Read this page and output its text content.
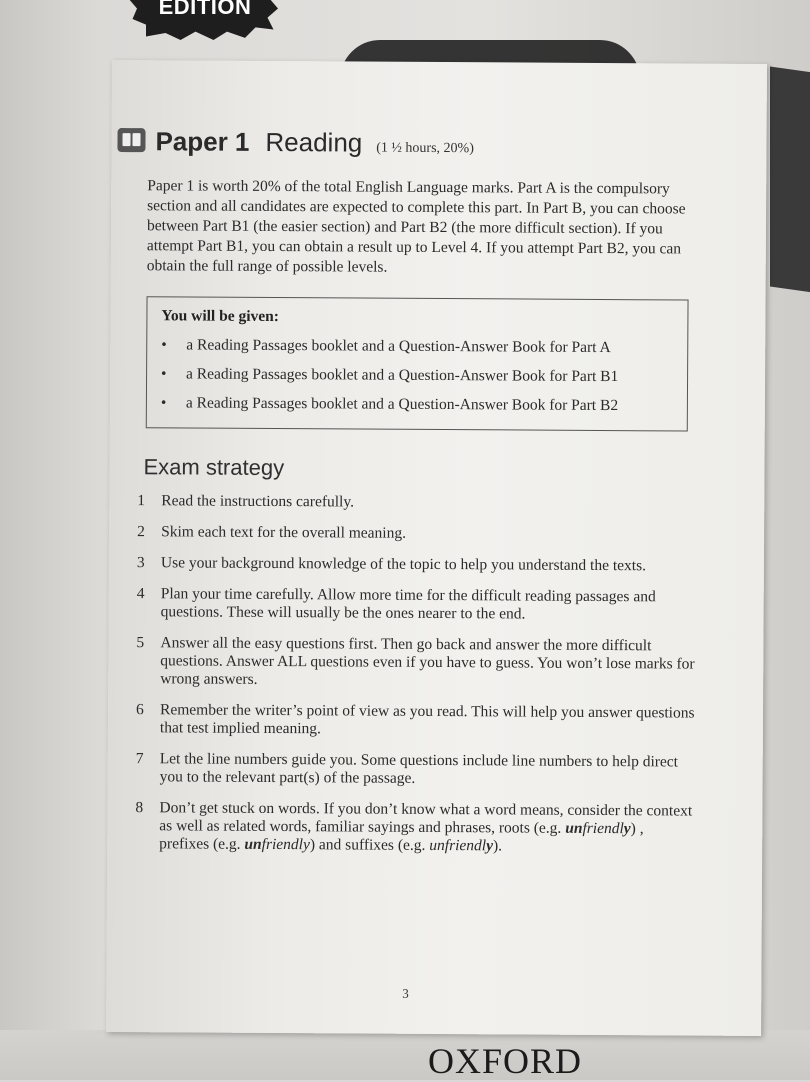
EDITION
OXFORD
Paper 1 Reading (1 ½ hours, 20%)
Paper 1 is worth 20% of the total English Language marks. Part A is the compulsory section and all candidates are expected to complete this part. In Part B, you can choose between Part B1 (the easier section) and Part B2 (the more difficult section). If you attempt Part B1, you can obtain a result up to Level 4. If you attempt Part B2, you can obtain the full range of possible levels.
You will be given:
• a Reading Passages booklet and a Question-Answer Book for Part A
• a Reading Passages booklet and a Question-Answer Book for Part B1
• a Reading Passages booklet and a Question-Answer Book for Part B2
Exam strategy
1 Read the instructions carefully.
2 Skim each text for the overall meaning.
3 Use your background knowledge of the topic to help you understand the texts.
4 Plan your time carefully. Allow more time for the difficult reading passages and questions. These will usually be the ones nearer to the end.
5 Answer all the easy questions first. Then go back and answer the more difficult questions. Answer ALL questions even if you have to guess. You won’t lose marks for wrong answers.
6 Remember the writer’s point of view as you read. This will help you answer questions that test implied meaning.
7 Let the line numbers guide you. Some questions include line numbers to help direct you to the relevant part(s) of the passage.
8 Don’t get stuck on words. If you don’t know what a word means, consider the context as well as related words, familiar sayings and phrases, roots (e.g. unfriendly) , prefixes (e.g. unfriendly) and suffixes (e.g. unfriendly).
3
